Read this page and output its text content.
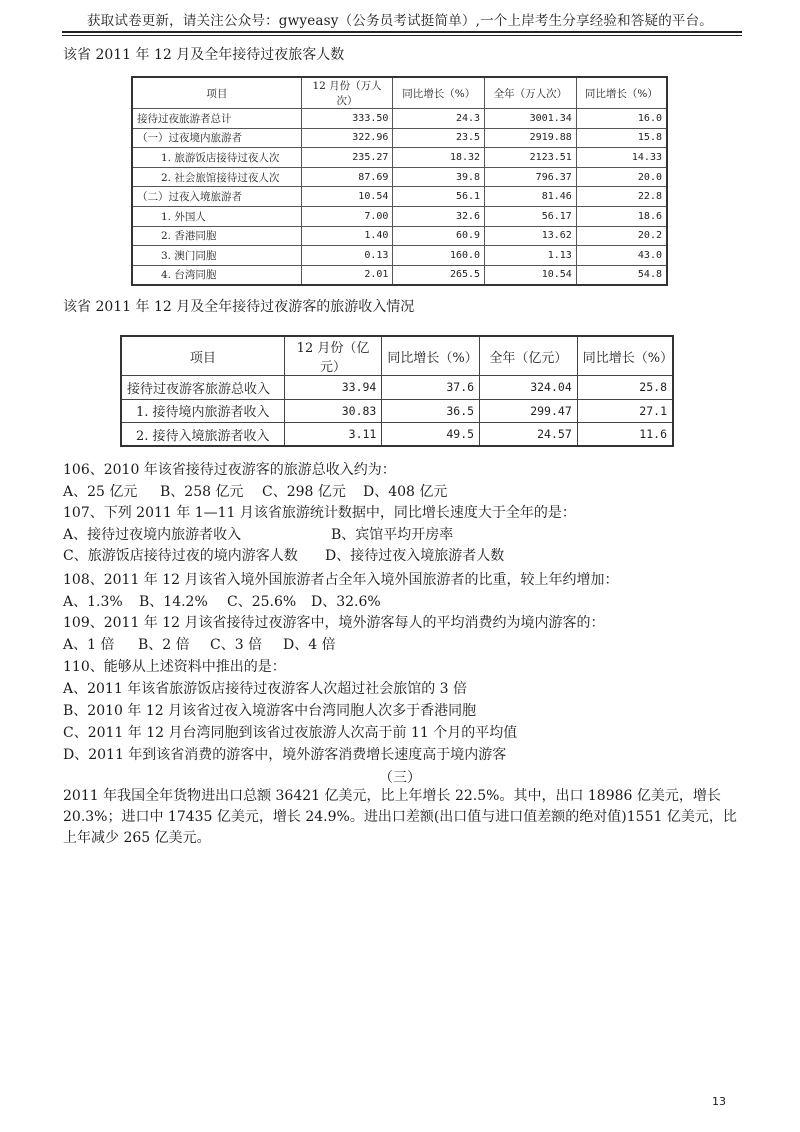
获取试卷更新，请关注公众号：gwyeasy（公务员考试挺简单）,一个上岸考生分享经验和答疑的平台。
该省 2011 年 12 月及全年接待过夜旅客人数
项目	12 月份（万人次）	同比增长（%）	全年（万人次）	同比增长（%）
接待过夜旅游者总计	333.50	24.3	3001.34	16.0
（一）过夜境内旅游者	322.96	23.5	2919.88	15.8
1. 旅游饭店接待过夜人次	235.27	18.32	2123.51	14.33
2. 社会旅馆接待过夜人次	87.69	39.8	796.37	20.0
（二）过夜入境旅游者	10.54	56.1	81.46	22.8
1. 外国人	7.00	32.6	56.17	18.6
2. 香港同胞	1.40	60.9	13.62	20.2
3. 澳门同胞	0.13	160.0	1.13	43.0
4. 台湾同胞	2.01	265.5	10.54	54.8
该省 2011 年 12 月及全年接待过夜游客的旅游收入情况
项目	12 月份（亿元）	同比增长（%）	全年（亿元）	同比增长（%）
接待过夜游客旅游总收入	33.94	37.6	324.04	25.8
1. 接待境内旅游者收入	30.83	36.5	299.47	27.1
2. 接待入境旅游者收入	3.11	49.5	24.57	11.6
106、2010 年该省接待过夜游客的旅游总收入约为：
A、25 亿元 B、258 亿元 C、298 亿元 D、408 亿元
107、下列 2011 年 1—11 月该省旅游统计数据中，同比增长速度大于全年的是：
A、接待过夜境内旅游者收入	B、宾馆平均开房率
C、旅游饭店接待过夜的境内游客人数 D、接待过夜入境旅游者人数
108、2011 年 12 月该省入境外国旅游者占全年入境外国旅游者的比重，较上年约增加：
A、1.3% B、14.2% C、25.6% D、32.6%
109、2011 年 12 月该省接待过夜游客中，境外游客每人的平均消费约为境内游客的：
A、1 倍 B、2 倍 C、3 倍 D、4 倍
110、能够从上述资料中推出的是：
A、2011 年该省旅游饭店接待过夜游客人次超过社会旅馆的 3 倍
B、2010 年 12 月该省过夜入境游客中台湾同胞人次多于香港同胞
C、2011 年 12 月台湾同胞到该省过夜旅游人次高于前 11 个月的平均值
D、2011 年到该省消费的游客中，境外游客消费增长速度高于境内游客
（三）
2011 年我国全年货物进出口总额 36421 亿美元，比上年增长 22.5%。其中，出口 18986 亿美元，增长 20.3%；进口中 17435 亿美元，增长 24.9%。进出口差额(出口值与进口值差额的绝对值)1551 亿美元，比上年减少 265 亿美元。
13
